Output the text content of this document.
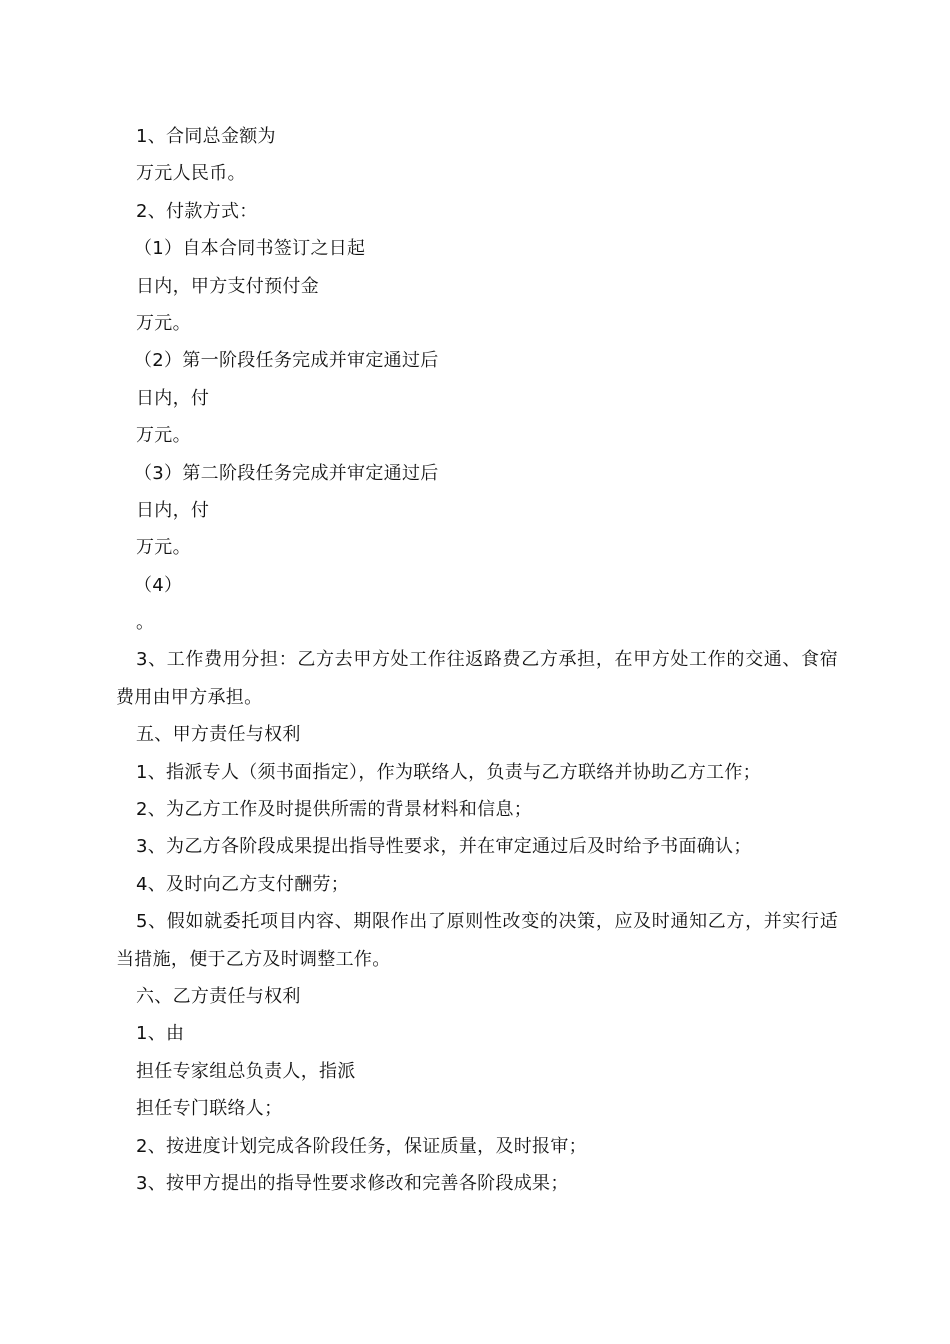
1、合同总金额为
万元人民币。
2、付款方式：
（1）自本合同书签订之日起
日内，甲方支付预付金
万元。
（2）第一阶段任务完成并审定通过后
日内，付
万元。
（3）第二阶段任务完成并审定通过后
日内，付
万元。
（4）
。
3、工作费用分担：乙方去甲方处工作往返路费乙方承担，在甲方处工作的交通、食宿费用由甲方承担。
五、甲方责任与权利
1、指派专人（须书面指定），作为联络人，负责与乙方联络并协助乙方工作；
2、为乙方工作及时提供所需的背景材料和信息；
3、为乙方各阶段成果提出指导性要求，并在审定通过后及时给予书面确认；
4、及时向乙方支付酬劳；
5、假如就委托项目内容、期限作出了原则性改变的决策，应及时通知乙方，并实行适当措施，便于乙方及时调整工作。
六、乙方责任与权利
1、由
担任专家组总负责人，指派
担任专门联络人；
2、按进度计划完成各阶段任务，保证质量，及时报审；
3、按甲方提出的指导性要求修改和完善各阶段成果；
